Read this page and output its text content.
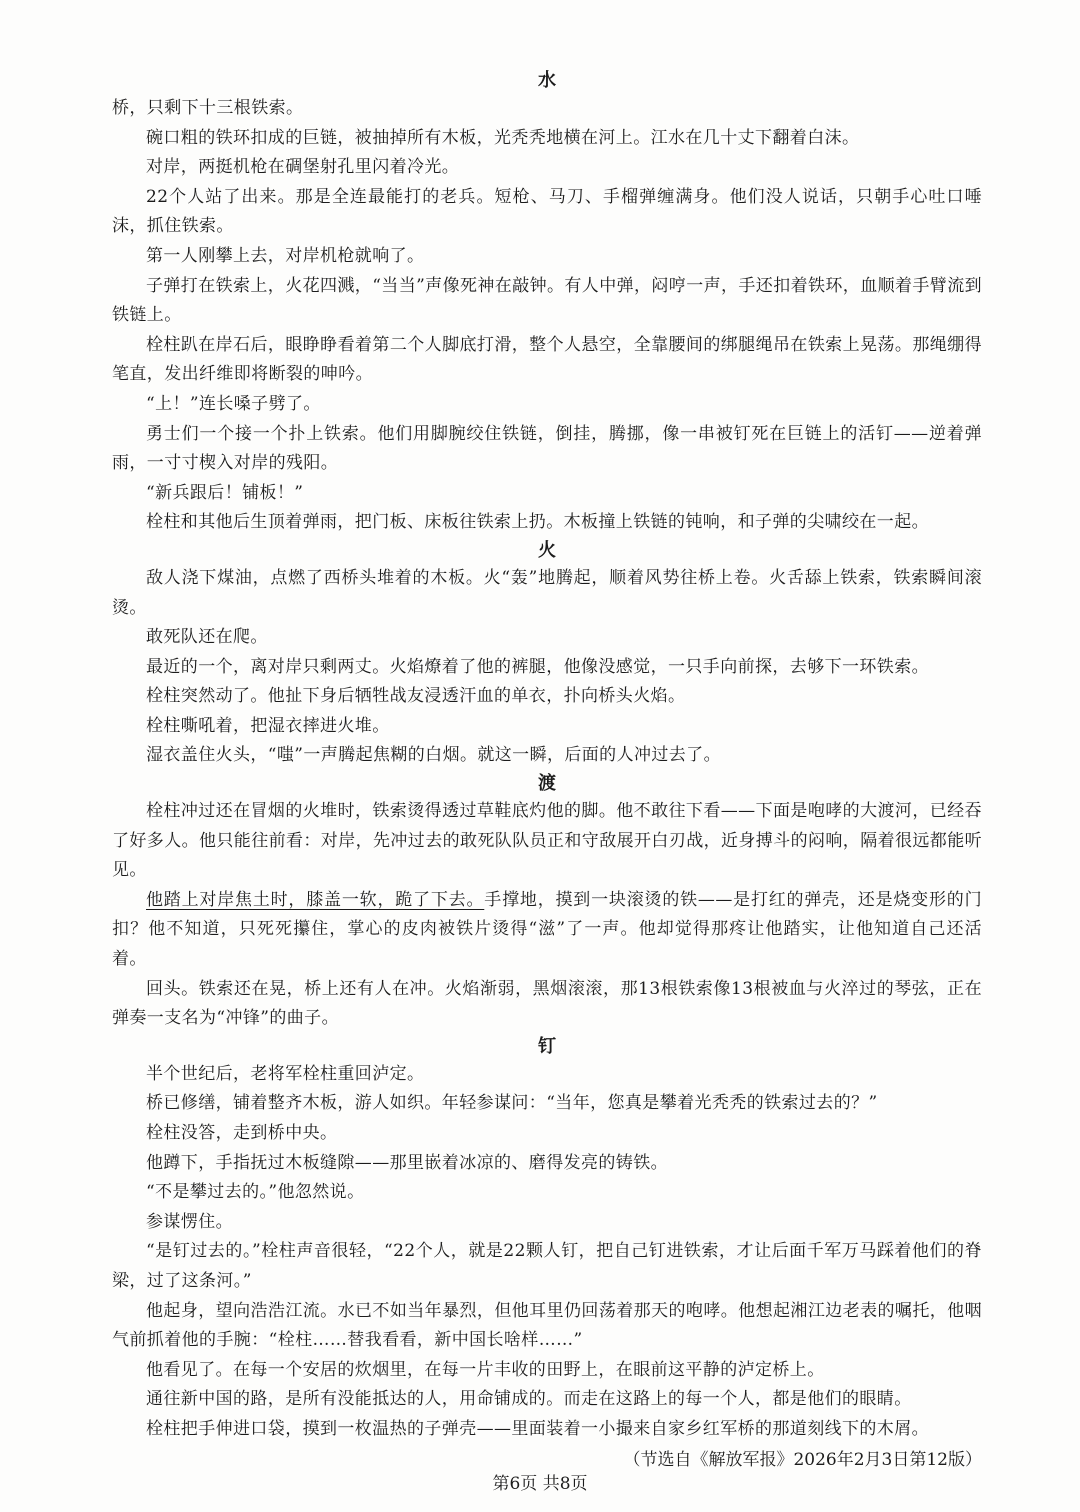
水

桥，只剩下十三根铁索。

碗口粗的铁环扣成的巨链，被抽掉所有木板，光秃秃地横在河上。江水在几十丈下翻着白沫。

对岸，两挺机枪在碉堡射孔里闪着冷光。

22个人站了出来。那是全连最能打的老兵。短枪、马刀、手榴弹缠满身。他们没人说话，只朝手心吐口唾沫，抓住铁索。

第一人刚攀上去，对岸机枪就响了。

子弹打在铁索上，火花四溅，“当当”声像死神在敲钟。有人中弹，闷哼一声，手还扣着铁环，血顺着手臂流到铁链上。

栓柱趴在岸石后，眼睁睁看着第二个人脚底打滑，整个人悬空，全靠腰间的绑腿绳吊在铁索上晃荡。那绳绷得笔直，发出纤维即将断裂的呻吟。

“上！”连长嗓子劈了。

勇士们一个接一个扑上铁索。他们用脚腕绞住铁链，倒挂，腾挪，像一串被钉死在巨链上的活钉——逆着弹雨，一寸寸楔入对岸的残阳。

“新兵跟后！铺板！”

栓柱和其他后生顶着弹雨，把门板、床板往铁索上扔。木板撞上铁链的钝响，和子弹的尖啸绞在一起。

火

敌人浇下煤油，点燃了西桥头堆着的木板。火“轰”地腾起，顺着风势往桥上卷。火舌舔上铁索，铁索瞬间滚烫。

敢死队还在爬。

最近的一个，离对岸只剩两丈。火焰燎着了他的裤腿，他像没感觉，一只手向前探，去够下一环铁索。

栓柱突然动了。他扯下身后牺牲战友浸透汗血的单衣，扑向桥头火焰。

栓柱嘶吼着，把湿衣摔进火堆。

湿衣盖住火头，“嗤”一声腾起焦糊的白烟。就这一瞬，后面的人冲过去了。

渡

栓柱冲过还在冒烟的火堆时，铁索烫得透过草鞋底灼他的脚。他不敢往下看——下面是咆哮的大渡河，已经吞了好多人。他只能往前看：对岸，先冲过去的敢死队队员正和守敌展开白刃战，近身搏斗的闷响，隔着很远都能听见。

他踏上对岸焦土时，膝盖一软，跪了下去。手撑地，摸到一块滚烫的铁——是打红的弹壳，还是烧变形的门扣？他不知道，只死死攥住，掌心的皮肉被铁片烫得“滋”了一声。他却觉得那疼让他踏实，让他知道自己还活着。

回头。铁索还在晃，桥上还有人在冲。火焰渐弱，黑烟滚滚，那13根铁索像13根被血与火淬过的琴弦，正在弹奏一支名为“冲锋”的曲子。

钉

半个世纪后，老将军栓柱重回泸定。

桥已修缮，铺着整齐木板，游人如织。年轻参谋问：“当年，您真是攀着光秃秃的铁索过去的？”

栓柱没答，走到桥中央。

他蹲下，手指抚过木板缝隙——那里嵌着冰凉的、磨得发亮的铸铁。

“不是攀过去的。”他忽然说。

参谋愣住。

“是钉过去的。”栓柱声音很轻，“22个人，就是22颗人钉，把自己钉进铁索，才让后面千军万马踩着他们的脊梁，过了这条河。”

他起身，望向浩浩江流。水已不如当年暴烈，但他耳里仍回荡着那天的咆哮。他想起湘江边老表的嘱托，他咽气前抓着他的手腕：“栓柱……替我看看，新中国长啥样……”

他看见了。在每一个安居的炊烟里，在每一片丰收的田野上，在眼前这平静的泸定桥上。

通往新中国的路，是所有没能抵达的人，用命铺成的。而走在这路上的每一个人，都是他们的眼睛。

栓柱把手伸进口袋，摸到一枚温热的子弹壳——里面装着一小撮来自家乡红军桥的那道刻线下的木屑。

（节选自《解放军报》2026年2月3日第12版）

第6页 共8页
